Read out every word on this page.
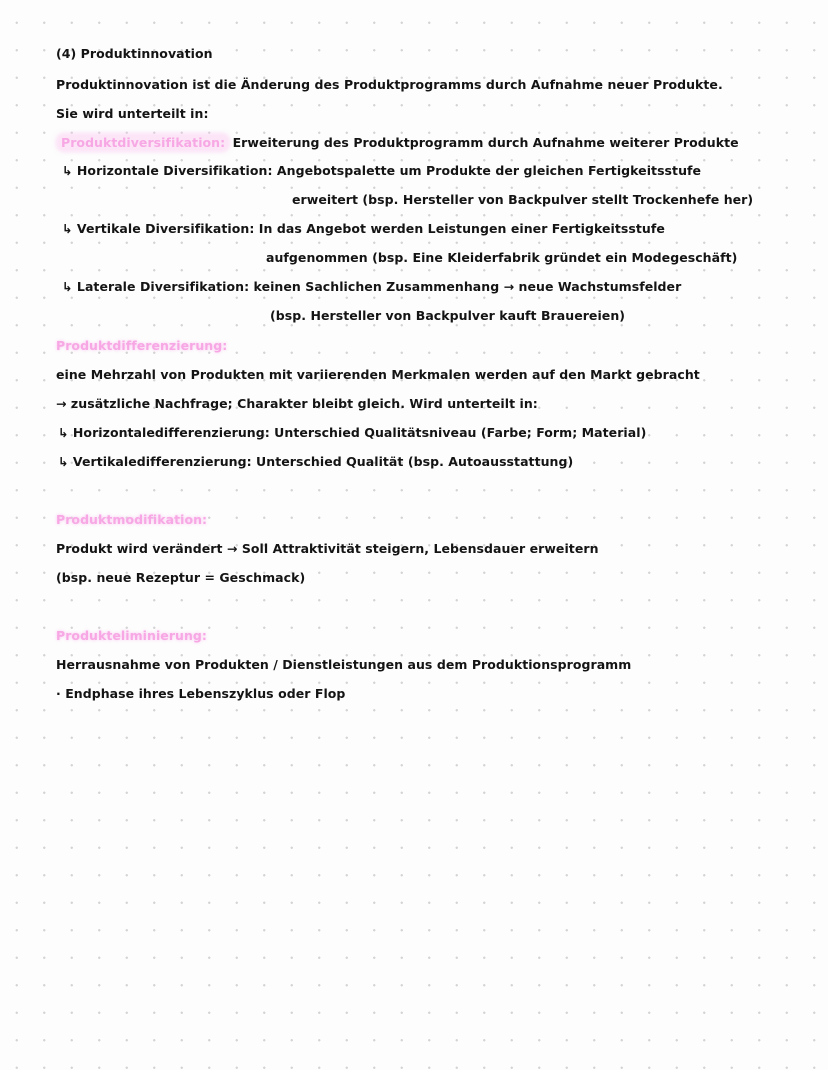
(4) Produktinnovation
Produktinnovation ist die Änderung des Produktprogramms durch Aufnahme neuer Produkte.
Sie wird unterteilt in:
Produktdiversifikation: Erweiterung des Produktprogramm durch Aufnahme weiterer Produkte
↳ Horizontale Diversifikation: Angebotspalette um Produkte der gleichen Fertigkeitsstufe
erweitert (bsp. Hersteller von Backpulver stellt Trockenhefe her)
↳ Vertikale Diversifikation: In das Angebot werden Leistungen einer Fertigkeitsstufe
aufgenommen (bsp. Eine Kleiderfabrik gründet ein Modegeschäft)
↳ Laterale Diversifikation: keinen Sachlichen Zusammenhang → neue Wachstumsfelder
(bsp. Hersteller von Backpulver kauft Brauereien)
Produktdifferenzierung:
eine Mehrzahl von Produkten mit variierenden Merkmalen werden auf den Markt gebracht
→ zusätzliche Nachfrage; Charakter bleibt gleich. Wird unterteilt in:
↳ Horizontaledifferenzierung: Unterschied Qualitätsniveau (Farbe; Form; Material)
↳ Vertikaledifferenzierung: Unterschied Qualität (bsp. Autoausstattung)
Produktmodifikation:
Produkt wird verändert → Soll Attraktivität steigern, Lebensdauer erweitern
(bsp. neue Rezeptur = Geschmack)
Produkteliminierung:
Herrausnahme von Produkten / Dienstleistungen aus dem Produktionsprogramm
· Endphase ihres Lebenszyklus oder Flop
